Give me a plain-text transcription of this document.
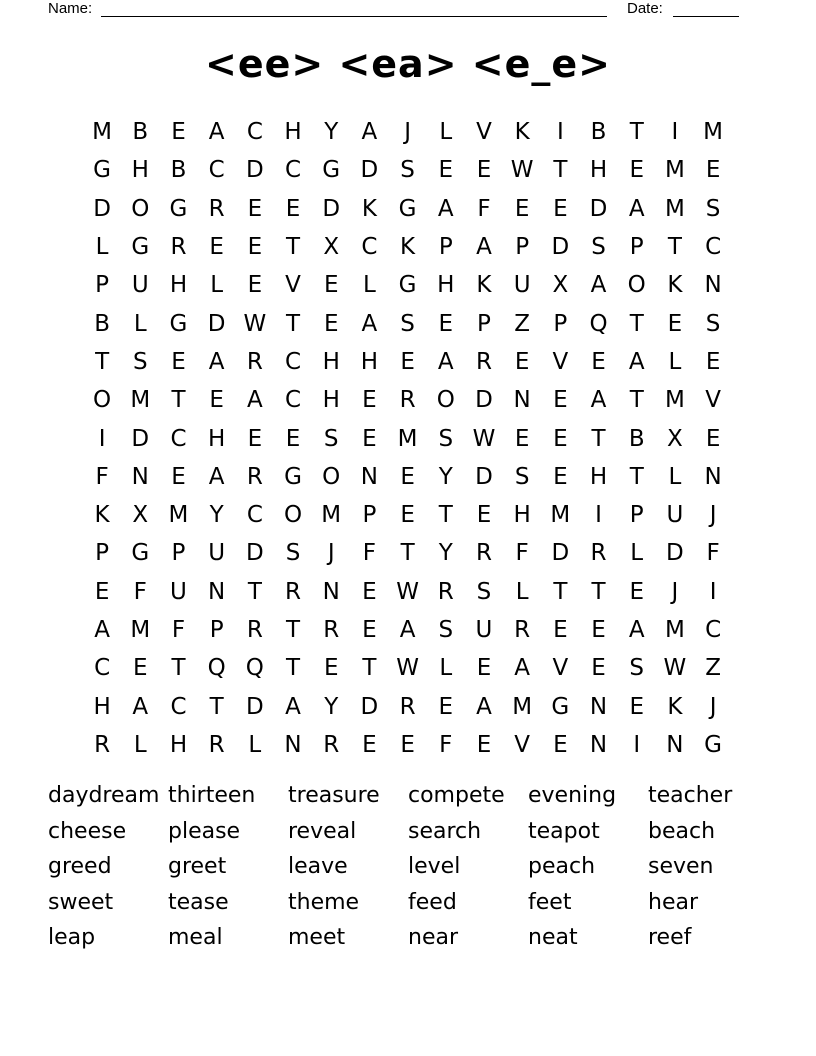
Name:	Date:
<ee> <ea> <e_e>
M B	E	A C H Y	A	J	L	V K	I	B	T	I	M
G H B C D C G D S	E	E W T H E M E
D O G R E	E D K G A	F	E	E D A M S
L G R E	E	T	X C K	P	A	P D S	P	T	C
P U H	L	E	V	E	L G H K U X A O K N
B	L G D W T	E	A	S	E	P	Z	P Q T	E	S
T	S	E	A R C H H E	A R E	V	E	A	L	E
O M T	E	A C H E R O D N E	A	T M V
I	D C H E	E	S	E M S W E	E	T	B X	E
F N E	A R G O N E	Y D S	E H T	L	N
K X M Y	C O M P	E	T	E H M	I	P U	J
P G P U D S	J	F	T	Y	R	F D R	L D F
E	F	U N T	R N E W R S	L	T	T	E	J	I
A M F	P	R	T	R E	A	S U R E	E	A M C
C E	T Q Q T	E	T W L	E	A V	E	S W Z
H A C	T D A	Y D R E	A M G N E	K	J
R	L	H R	L	N R E	E	F	E	V	E N	I	N G
daydream thirteen	treasure	compete	evening	teacher
cheese	please	reveal	search	teapot	beach
greed	greet	leave	level	peach	seven
sweet	tease	theme	feed	feet	hear
leap	meal	meet	near	neat	reef
